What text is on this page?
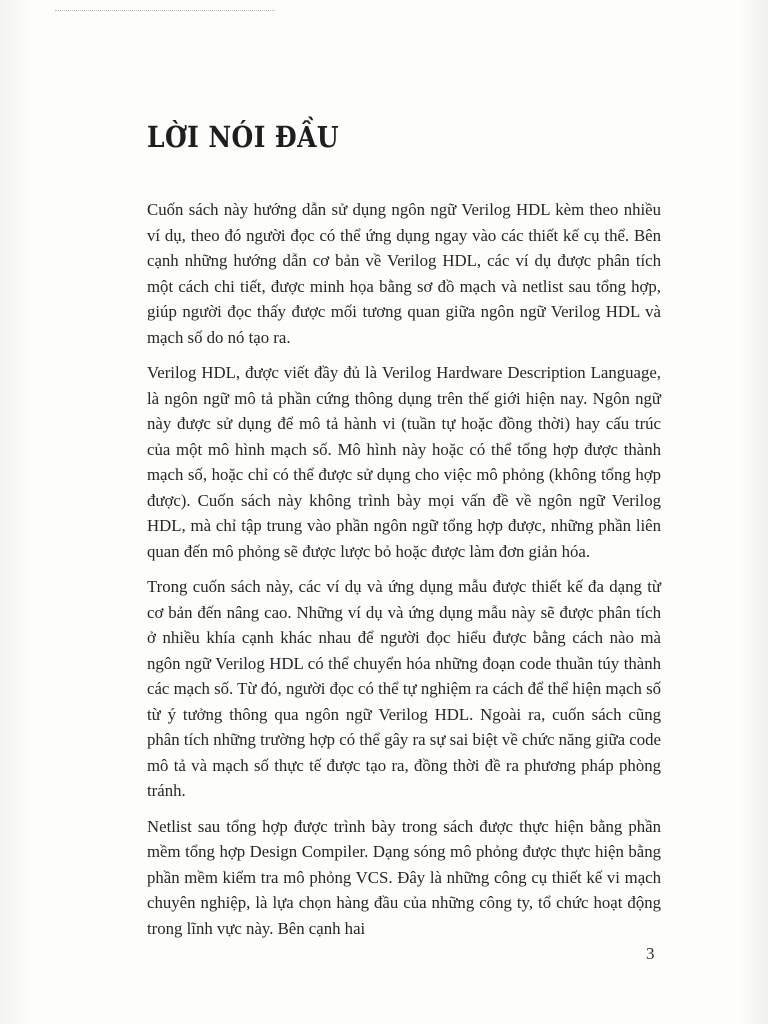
LỜI NÓI ĐẦU

Cuốn sách này hướng dẫn sử dụng ngôn ngữ Verilog HDL kèm theo nhiều ví dụ, theo đó người đọc có thể ứng dụng ngay vào các thiết kế cụ thể. Bên cạnh những hướng dẫn cơ bản về Verilog HDL, các ví dụ được phân tích một cách chi tiết, được minh họa bằng sơ đồ mạch và netlist sau tổng hợp, giúp người đọc thấy được mối tương quan giữa ngôn ngữ Verilog HDL và mạch số do nó tạo ra.

Verilog HDL, được viết đầy đủ là Verilog Hardware Description Language, là ngôn ngữ mô tả phần cứng thông dụng trên thế giới hiện nay. Ngôn ngữ này được sử dụng để mô tả hành vi (tuần tự hoặc đồng thời) hay cấu trúc của một mô hình mạch số. Mô hình này hoặc có thể tổng hợp được thành mạch số, hoặc chỉ có thể được sử dụng cho việc mô phỏng (không tổng hợp được). Cuốn sách này không trình bày mọi vấn đề về ngôn ngữ Verilog HDL, mà chỉ tập trung vào phần ngôn ngữ tổng hợp được, những phần liên quan đến mô phỏng sẽ được lược bỏ hoặc được làm đơn giản hóa.

Trong cuốn sách này, các ví dụ và ứng dụng mẫu được thiết kế đa dạng từ cơ bản đến nâng cao. Những ví dụ và ứng dụng mẫu này sẽ được phân tích ở nhiều khía cạnh khác nhau để người đọc hiểu được bằng cách nào mà ngôn ngữ Verilog HDL có thể chuyển hóa những đoạn code thuần túy thành các mạch số. Từ đó, người đọc có thể tự nghiệm ra cách để thể hiện mạch số từ ý tưởng thông qua ngôn ngữ Verilog HDL. Ngoài ra, cuốn sách cũng phân tích những trường hợp có thể gây ra sự sai biệt về chức năng giữa code mô tả và mạch số thực tế được tạo ra, đồng thời đề ra phương pháp phòng tránh.

Netlist sau tổng hợp được trình bày trong sách được thực hiện bằng phần mềm tổng hợp Design Compiler. Dạng sóng mô phỏng được thực hiện bằng phần mềm kiểm tra mô phỏng VCS. Đây là những công cụ thiết kế vi mạch chuyên nghiệp, là lựa chọn hàng đầu của những công ty, tổ chức hoạt động trong lĩnh vực này. Bên cạnh hai

3
